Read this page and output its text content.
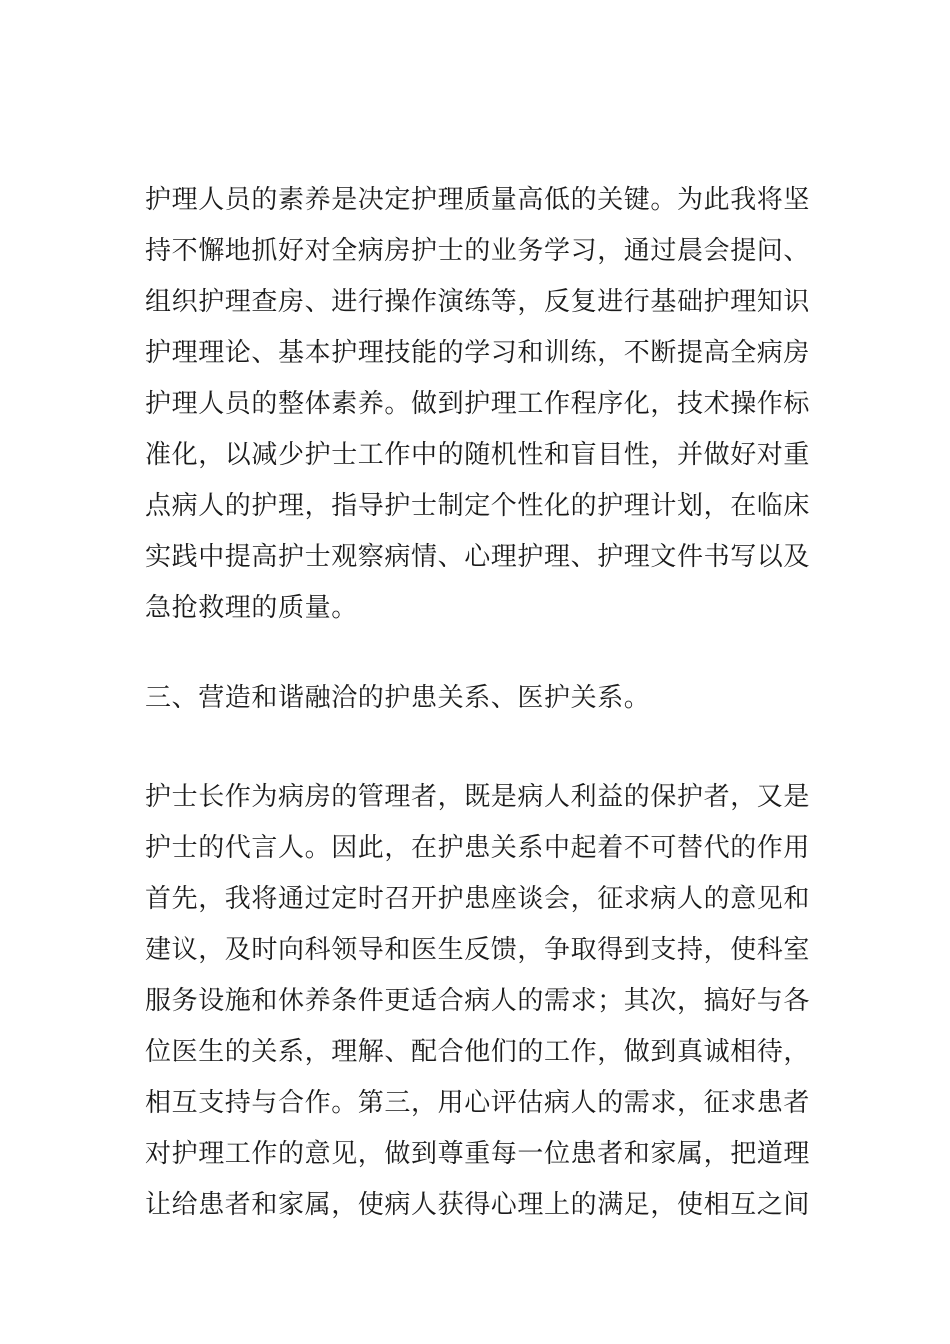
护理人员的素养是决定护理质量高低的关键。为此我将坚
持不懈地抓好对全病房护士的业务学习，通过晨会提问、
组织护理查房、进行操作演练等，反复进行基础护理知识
护理理论、基本护理技能的学习和训练，不断提高全病房
护理人员的整体素养。做到护理工作程序化，技术操作标
准化，以减少护士工作中的随机性和盲目性，并做好对重
点病人的护理，指导护士制定个性化的护理计划，在临床
实践中提高护士观察病情、心理护理、护理文件书写以及
急抢救理的质量。
三、营造和谐融洽的护患关系、医护关系。
护士长作为病房的管理者，既是病人利益的保护者，又是
护士的代言人。因此，在护患关系中起着不可替代的作用
首先，我将通过定时召开护患座谈会，征求病人的意见和
建议，及时向科领导和医生反馈，争取得到支持，使科室
服务设施和休养条件更适合病人的需求；其次，搞好与各
位医生的关系，理解、配合他们的工作，做到真诚相待，
相互支持与合作。第三，用心评估病人的需求，征求患者
对护理工作的意见，做到尊重每一位患者和家属，把道理
让给患者和家属，使病人获得心理上的满足，使相互之间
